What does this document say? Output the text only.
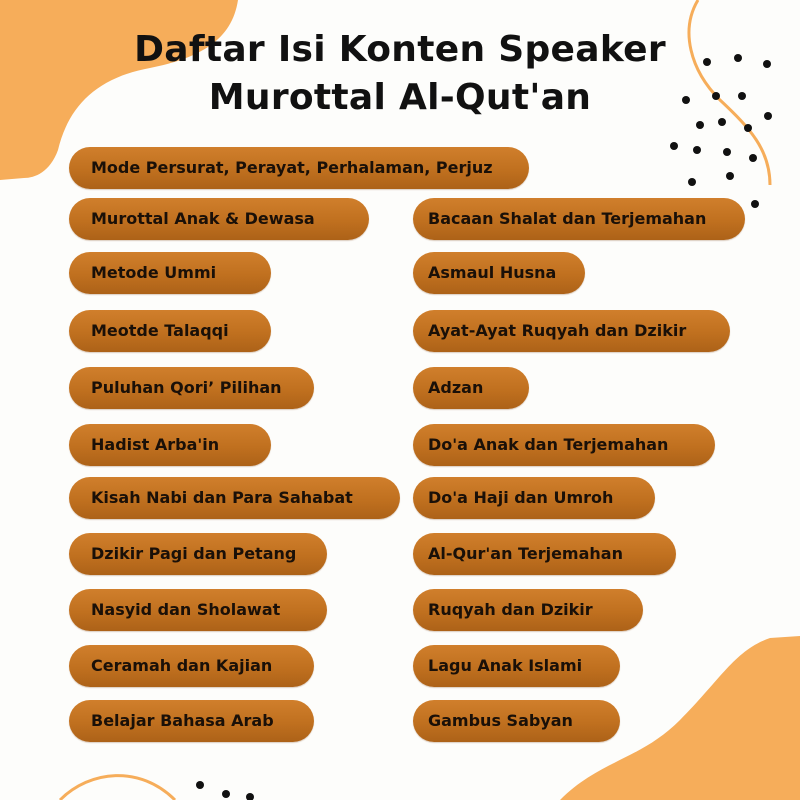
Daftar Isi Konten Speaker
Murottal Al-Qut'an
Mode Persurat, Perayat, Perhalaman, Perjuz
Murottal Anak & Dewasa
Metode Ummi
Meotde Talaqqi
Puluhan Qori’ Pilihan
Hadist Arba'in
Kisah Nabi dan Para Sahabat
Dzikir Pagi dan Petang
Nasyid dan Sholawat
Ceramah dan Kajian
Belajar Bahasa Arab
Bacaan Shalat dan Terjemahan
Asmaul Husna
Ayat-Ayat Ruqyah dan Dzikir
Adzan
Do'a Anak dan Terjemahan
Do'a Haji dan Umroh
Al-Qur'an Terjemahan
Ruqyah dan Dzikir
Lagu Anak Islami
Gambus Sabyan
